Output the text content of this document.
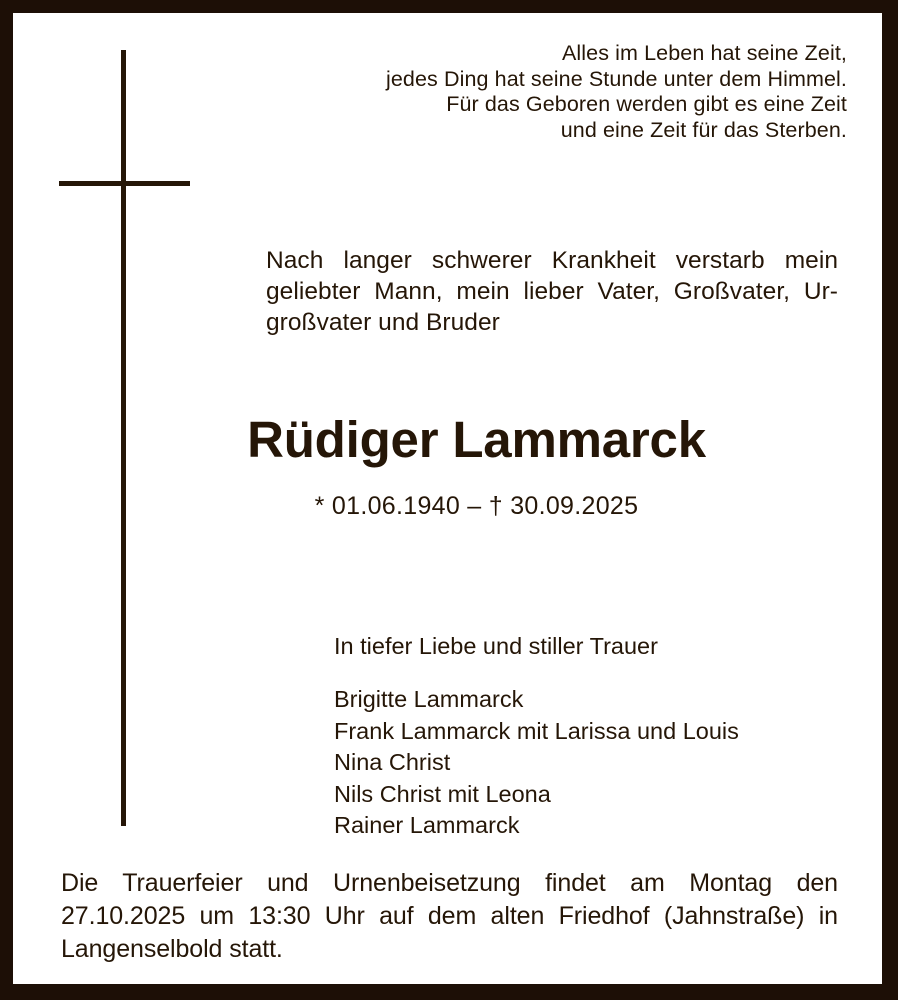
Alles im Leben hat seine Zeit,
jedes Ding hat seine Stunde unter dem Himmel.
Für das Geboren werden gibt es eine Zeit
und eine Zeit für das Sterben.
Nach langer schwerer Krankheit verstarb mein
geliebter Mann, mein lieber Vater, Großvater, Ur-
großvater und Bruder
Rüdiger Lammarck
* 01.06.1940 – † 30.09.2025
In tiefer Liebe und stiller Trauer
Brigitte Lammarck
Frank Lammarck mit Larissa und Louis
Nina Christ
Nils Christ mit Leona
Rainer Lammarck
Die Trauerfeier und Urnenbeisetzung findet am Montag den
27.10.2025 um 13:30 Uhr auf dem alten Friedhof (Jahnstraße) in
Langenselbold statt.
